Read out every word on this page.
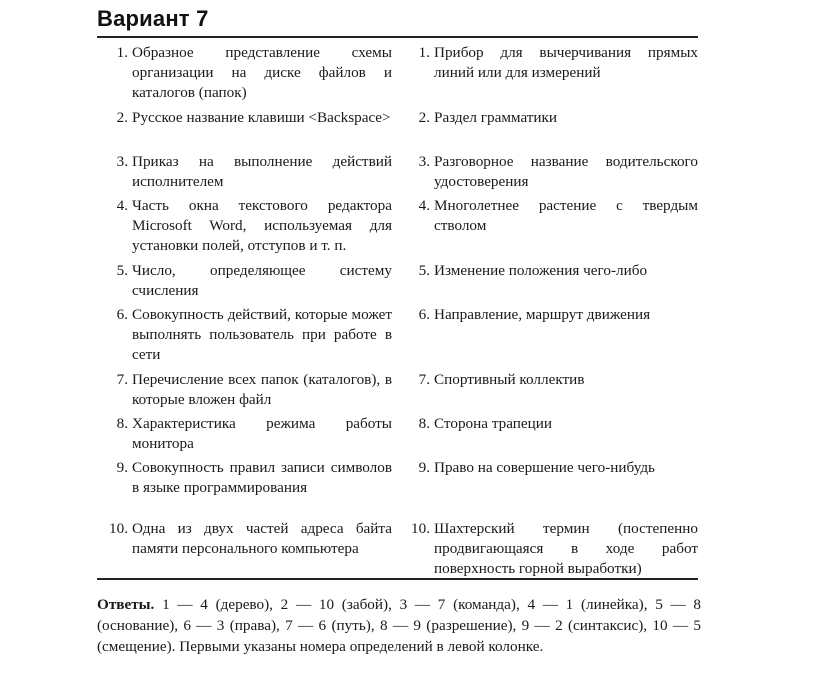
Вариант 7
1. Образное представление схемы организации на диске файлов и каталогов (папок)
2. Русское название клавиши <Backspace>
3. Приказ на выполнение действий исполнителем
4. Часть окна текстового редактора Microsoft Word, используемая для установки полей, отступов и т. п.
5. Число, определяющее систему счисления
6. Совокупность действий, которые может выполнять пользователь при работе в сети
7. Перечисление всех папок (каталогов), в которые вложен файл
8. Характеристика режима работы монитора
9. Совокупность правил записи символов в языке программирования
10. Одна из двух частей адреса байта памяти персонального компьютера
1. Прибор для вычерчивания прямых линий или для измерений
2. Раздел грамматики
3. Разговорное название водительского удостоверения
4. Многолетнее растение с твердым стволом
5. Изменение положения чего-либо
6. Направление, маршрут движения
7. Спортивный коллектив
8. Сторона трапеции
9. Право на совершение чего-нибудь
10. Шахтерский термин (постепенно продвигающаяся в ходе работ поверхность горной выработки)
Ответы. 1 — 4 (дерево), 2 — 10 (забой), 3 — 7 (команда), 4 — 1 (линейка), 5 — 8 (основание), 6 — 3 (права), 7 — 6 (путь), 8 — 9 (разрешение), 9 — 2 (синтаксис), 10 — 5 (смещение). Первыми указаны номера определений в левой колонке.
